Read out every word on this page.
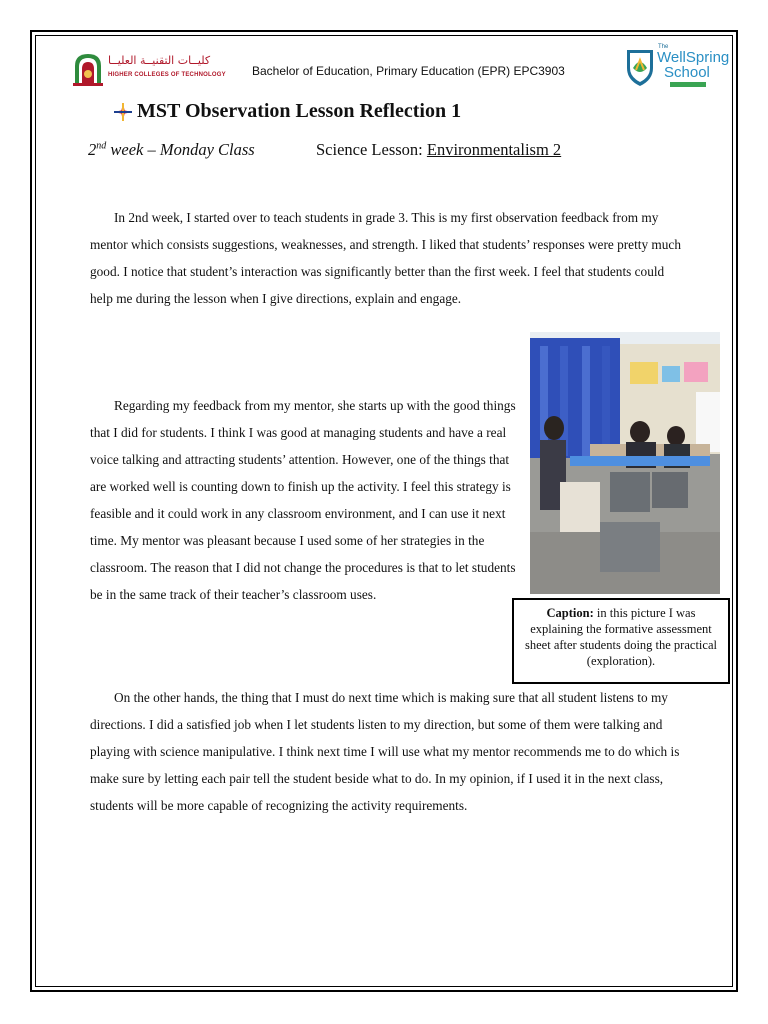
كليــات التقنيــة العليــا
HIGHER COLLEGES OF TECHNOLOGY Bachelor of Education, Primary Education (EPR) EPC3903
The
WellSpring
School
MST Observation Lesson Reflection 1
2nd week – Monday Class	Science Lesson: Environmentalism 2

In 2nd week, I started over to teach students in grade 3. This is my first observation feedback from my mentor which consists suggestions, weaknesses, and strength. I liked that students’ responses were pretty much good. I notice that student’s interaction was significantly better than the first week. I feel that students could help me during the lesson when I give directions, explain and engage.

Regarding my feedback from my mentor, she starts up with the good things that I did for students. I think I was good at managing students and have a real voice talking and attracting students’ attention. However, one of the things that are worked well is counting down to finish up the activity. I feel this strategy is feasible and it could work in any classroom environment, and I can use it next time. My mentor was pleasant because I used some of her strategies in the classroom. The reason that I did not change the procedures is that to let students be in the same track of their teacher’s classroom uses.

On the other hands, the thing that I must do next time which is making sure that all student listens to my directions. I did a satisfied job when I let students listen to my direction, but some of them were talking and playing with science manipulative. I think next time I will use what my mentor recommends me to do which is make sure by letting each pair tell the student beside what to do. In my opinion, if I used it in the next class, students will be more capable of recognizing the activity requirements.

Caption: in this picture I was explaining the formative assessment sheet after students doing the practical (exploration).
